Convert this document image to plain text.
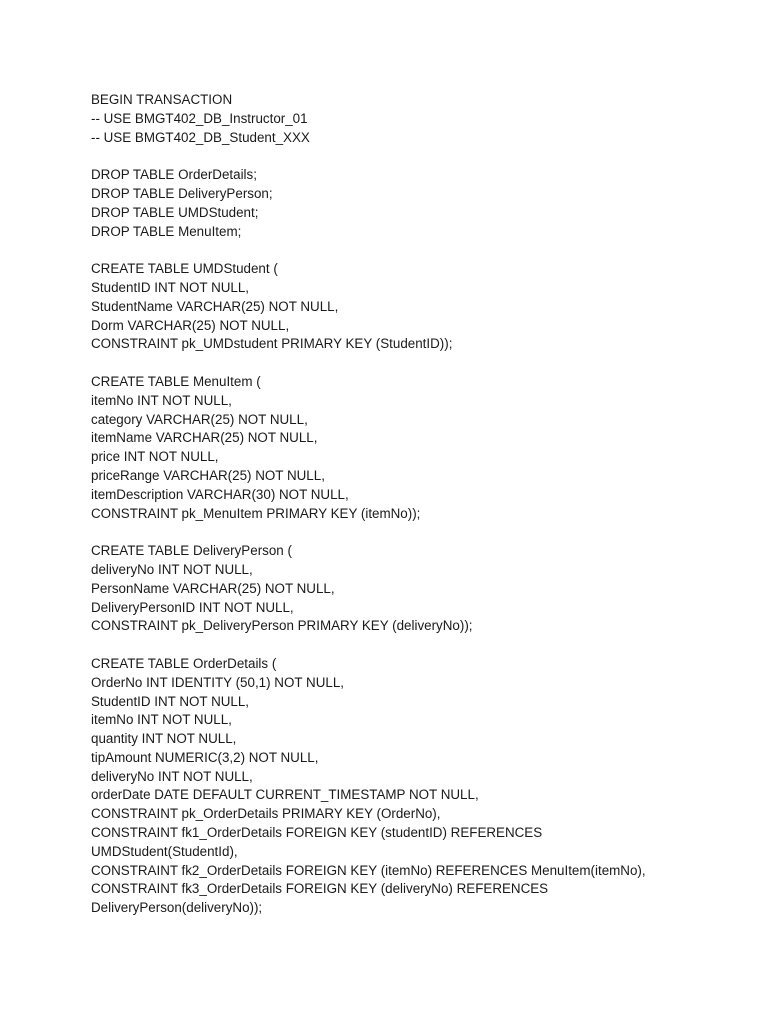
BEGIN TRANSACTION
-- USE BMGT402_DB_Instructor_01
-- USE BMGT402_DB_Student_XXX
DROP TABLE OrderDetails;
DROP TABLE DeliveryPerson;
DROP TABLE UMDStudent;
DROP TABLE MenuItem;
CREATE TABLE UMDStudent (
StudentID INT NOT NULL,
StudentName VARCHAR(25) NOT NULL,
Dorm VARCHAR(25) NOT NULL,
CONSTRAINT pk_UMDstudent PRIMARY KEY (StudentID));
CREATE TABLE MenuItem (
itemNo INT NOT NULL,
category VARCHAR(25) NOT NULL,
itemName VARCHAR(25) NOT NULL,
price INT NOT NULL,
priceRange VARCHAR(25) NOT NULL,
itemDescription VARCHAR(30) NOT NULL,
CONSTRAINT pk_MenuItem PRIMARY KEY (itemNo));
CREATE TABLE DeliveryPerson (
deliveryNo INT NOT NULL,
PersonName VARCHAR(25) NOT NULL,
DeliveryPersonID INT NOT NULL,
CONSTRAINT pk_DeliveryPerson PRIMARY KEY (deliveryNo));
CREATE TABLE OrderDetails (
OrderNo INT IDENTITY (50,1) NOT NULL,
StudentID INT NOT NULL,
itemNo INT NOT NULL,
quantity INT NOT NULL,
tipAmount NUMERIC(3,2) NOT NULL,
deliveryNo INT NOT NULL,
orderDate DATE DEFAULT CURRENT_TIMESTAMP NOT NULL,
CONSTRAINT pk_OrderDetails PRIMARY KEY (OrderNo),
CONSTRAINT fk1_OrderDetails FOREIGN KEY (studentID) REFERENCES
UMDStudent(StudentId),
CONSTRAINT fk2_OrderDetails FOREIGN KEY (itemNo) REFERENCES MenuItem(itemNo),
CONSTRAINT fk3_OrderDetails FOREIGN KEY (deliveryNo) REFERENCES
DeliveryPerson(deliveryNo));
